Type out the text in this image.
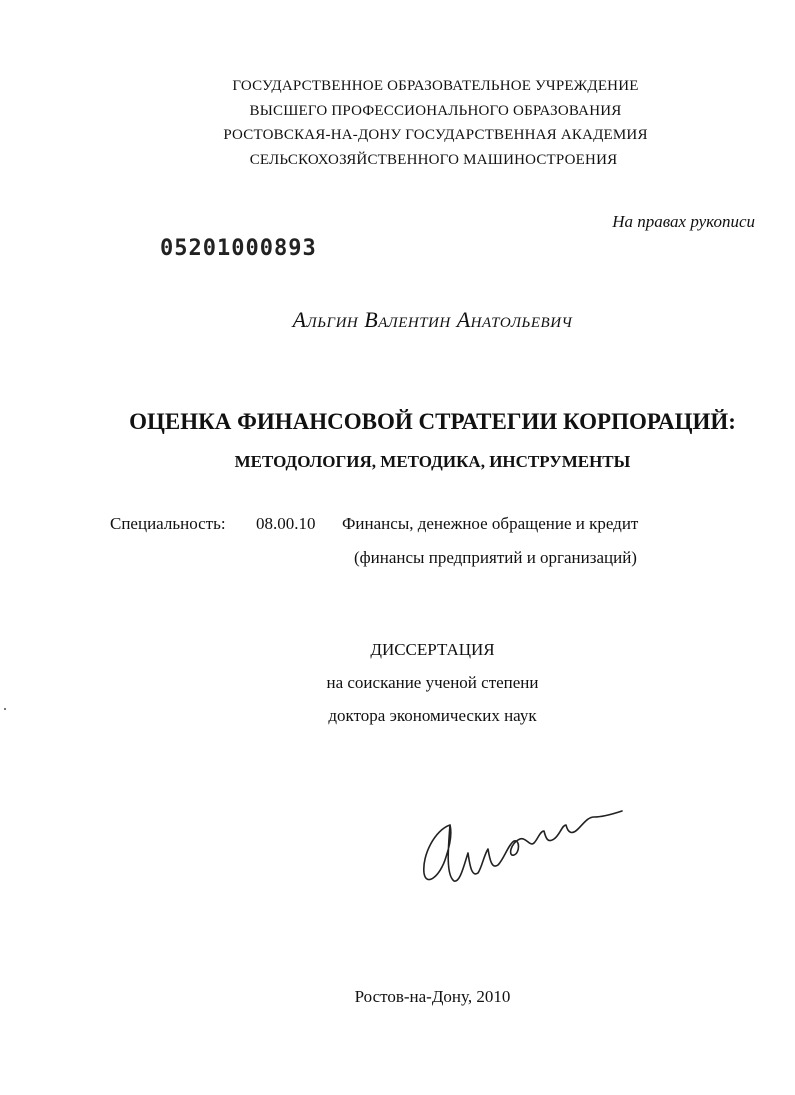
ГОСУДАРСТВЕННОЕ ОБРАЗОВАТЕЛЬНОЕ УЧРЕЖДЕНИЕ
ВЫСШЕГО ПРОФЕССИОНАЛЬНОГО ОБРАЗОВАНИЯ
РОСТОВСКАЯ-НА-ДОНУ ГОСУДАРСТВЕННАЯ АКАДЕМИЯ
СЕЛЬСКОХОЗЯЙСТВЕННОГО МАШИНОСТРОЕНИЯ
На правах рукописи
05201000893
Альгин Валентин Анатольевич
ОЦЕНКА ФИНАНСОВОЙ СТРАТЕГИИ КОРПОРАЦИЙ:
МЕТОДОЛОГИЯ, МЕТОДИКА, ИНСТРУМЕНТЫ
Специальность: 08.00.10 Финансы, денежное обращение и кредит
(финансы предприятий и организаций)
ДИССЕРТАЦИЯ
на соискание ученой степени
доктора экономических наук
Ростов-на-Дону, 2010
